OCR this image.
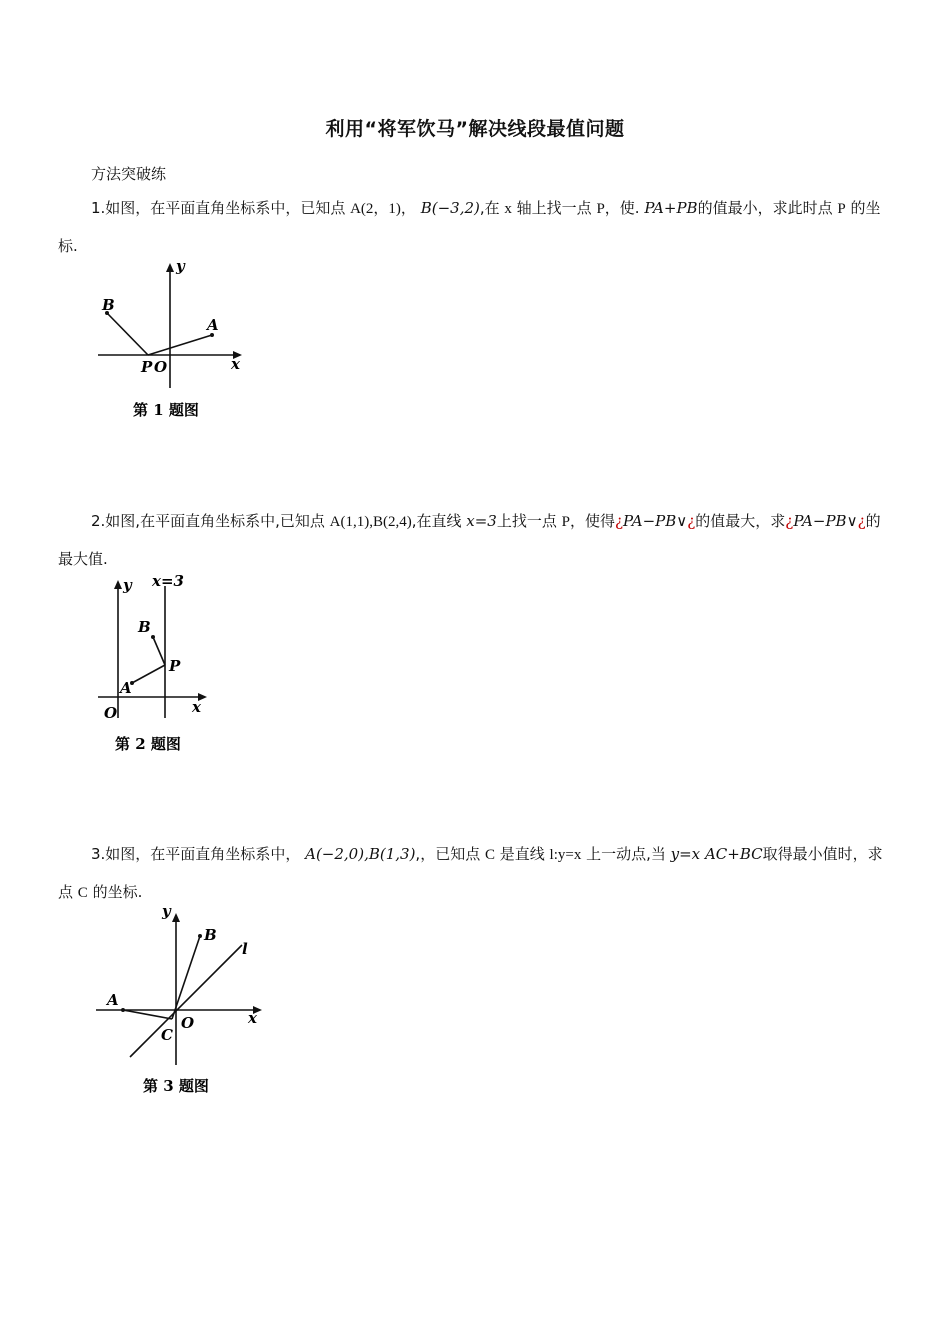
利用“将军饮马”解决线段最值问题
方法突破练
1.如图，在平面直角坐标系中，已知点 A(2，1)， B(−3,2),在 x 轴上找一点 P，使. PA+PB的值最小，求此时点 P 的坐标.
B
A
P O	x
y
第 1 题图
2.如图,在平面直角坐标系中,已知点 A(1,1),B(2,4),在直线 x=3上找一点 P，使得¿PA−PB∨¿的值最大，求¿PA−PB∨¿的最大值.
x=3
y
B
P
A
O	x
第 2 题图
3.如图，在平面直角坐标系中， A(−2,0),B(1,3),，已知点 C 是直线 l:y=x 上一动点,当 y=x AC+BC取得最小值时，求点 C 的坐标.
y
B
l
A
C
O	x
第 3 题图
